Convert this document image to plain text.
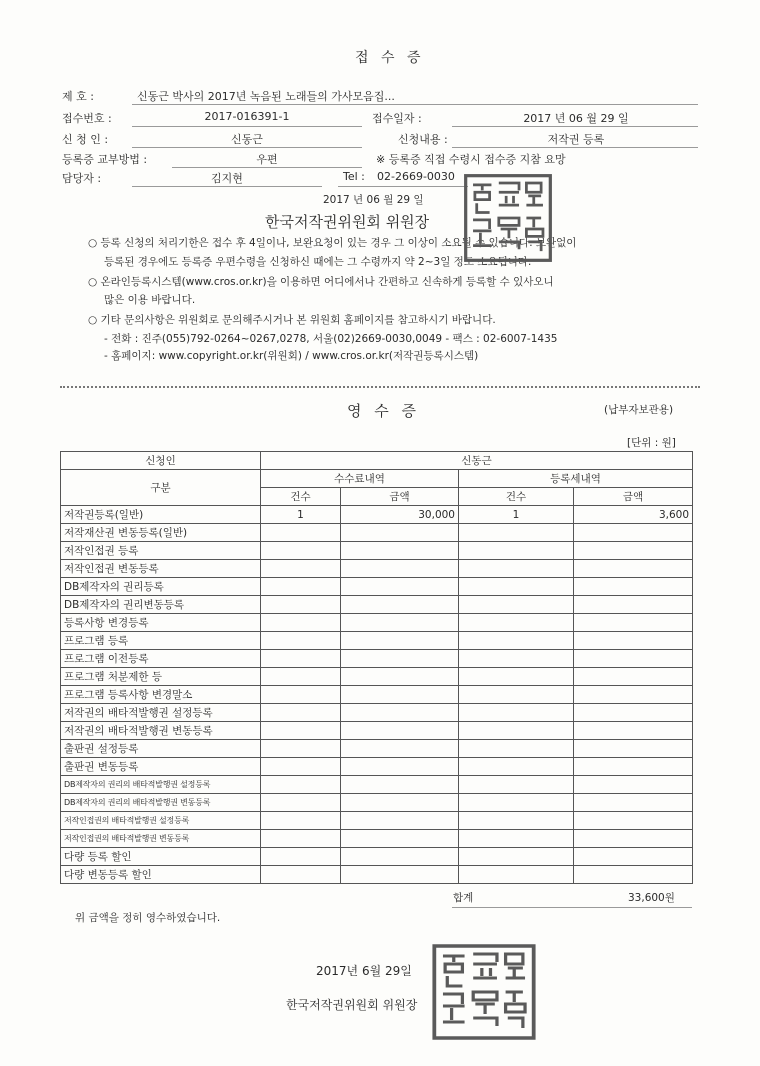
접 수 증
제 호 :	신동근 박사의 2017년 녹음된 노래들의 가사모음집...
접수번호 :	2017-016391-1	접수일자 :	2017 년 06 월 29 일
신 청 인 :	신동근	신청내용 :	저작권 등록
등록증 교부방법 :	우편	※ 등록증 직접 수령시 접수증 지참 요망
담당자 :	김지현	Tel : 02-2669-0030
2017 년 06 월 29 일
한국저작권위원회 위원장
○ 등록 신청의 처리기한은 접수 후 4일이나, 보완요청이 있는 경우 그 이상이 소요될 수 있습니다. 보완없이
등록된 경우에도 등록증 우편수령을 신청하신 때에는 그 수령까지 약 2~3일 정도 소요됩니다.
○ 온라인등록시스템(www.cros.or.kr)을 이용하면 어디에서나 간편하고 신속하게 등록할 수 있사오니
많은 이용 바랍니다.
○ 기타 문의사항은 위원회로 문의해주시거나 본 위원회 홈페이지를 참고하시기 바랍니다.
- 전화 : 진주(055)792-0264~0267,0278, 서울(02)2669-0030,0049 - 팩스 : 02-6007-1435
- 홈페이지: www.copyright.or.kr(위원회) / www.cros.or.kr(저작권등록시스템)
영 수 증	(납부자보관용)
[단위 : 원]
신청인	신동근			
구분	수수료내역		등록세내역	
	건수	금액	건수	금액
저작권등록(일반)	1	30,000	1	3,600
저작재산권 변동등록(일반)				
저작인접권 등록				
저작인접권 변동등록				
DB제작자의 권리등록				
DB제작자의 권리변동등록				
등록사항 변경등록				
프로그램 등록				
프로그램 이전등록				
프로그램 처분제한 등				
프로그램 등록사항 변경말소				
저작권의 배타적발행권 설정등록				
저작권의 배타적발행권 변동등록				
출판권 설정등록				
출판권 변동등록				
DB제작자의 권리의 배타적발행권 설정등록				
DB제작자의 권리의 배타적발행권 변동등록				
저작인접권의 배타적발행권 설정등록				
저작인접권의 배타적발행권 변동등록				
다량 등록 할인				
다량 변동등록 할인				
합계	33,600원
위 금액을 정히 영수하였습니다.
2017년 6월 29일
한국저작권위원회 위원장
